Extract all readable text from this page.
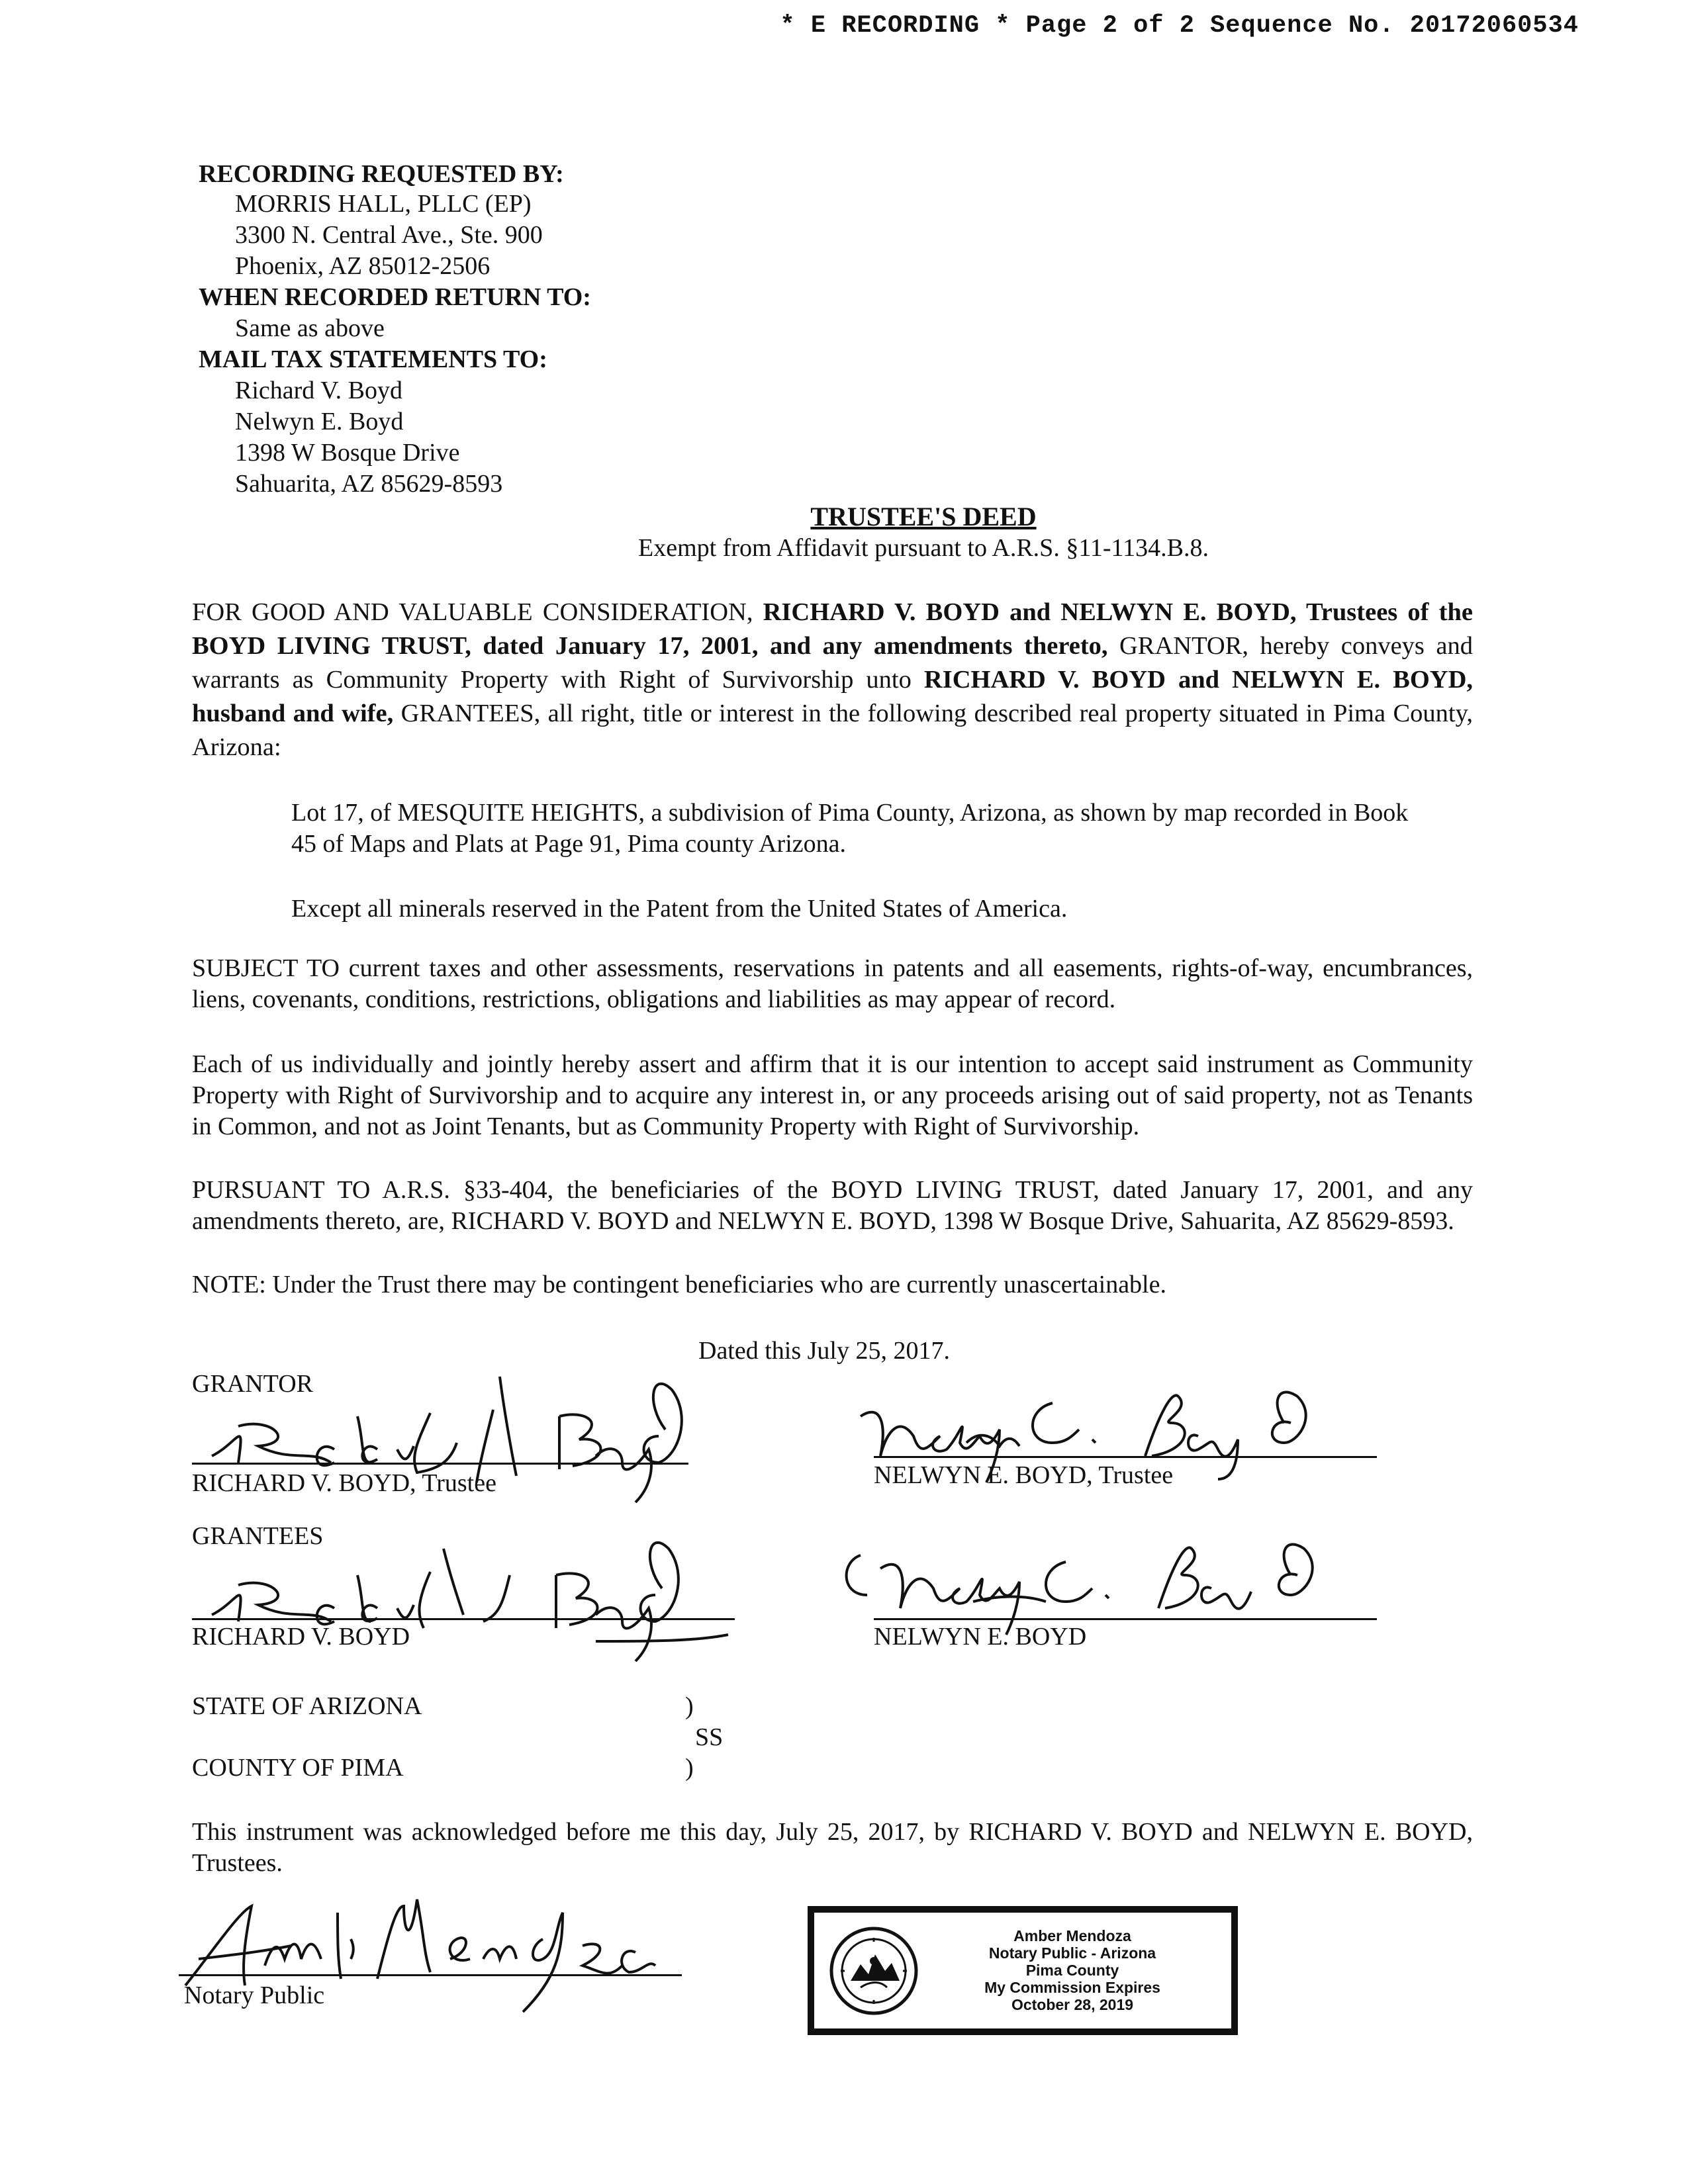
* E RECORDING * Page 2 of 2 Sequence No. 20172060534
RECORDING REQUESTED BY:
MORRIS HALL, PLLC (EP)
3300 N. Central Ave., Ste. 900
Phoenix, AZ 85012-2506
WHEN RECORDED RETURN TO:
Same as above
MAIL TAX STATEMENTS TO:
Richard V. Boyd
Nelwyn E. Boyd
1398 W Bosque Drive
Sahuarita, AZ 85629-8593
TRUSTEE'S DEED
Exempt from Affidavit pursuant to A.R.S. §11-1134.B.8.
FOR GOOD AND VALUABLE CONSIDERATION, RICHARD V. BOYD and NELWYN E. BOYD, Trustees of the BOYD LIVING TRUST, dated January 17, 2001, and any amendments thereto, GRANTOR, hereby conveys and warrants as Community Property with Right of Survivorship unto RICHARD V. BOYD and NELWYN E. BOYD, husband and wife, GRANTEES, all right, title or interest in the following described real property situated in Pima County, Arizona:
Lot 17, of MESQUITE HEIGHTS, a subdivision of Pima County, Arizona, as shown by map recorded in Book 45 of Maps and Plats at Page 91, Pima county Arizona.
Except all minerals reserved in the Patent from the United States of America.
SUBJECT TO current taxes and other assessments, reservations in patents and all easements, rights-of-way, encumbrances, liens, covenants, conditions, restrictions, obligations and liabilities as may appear of record.
Each of us individually and jointly hereby assert and affirm that it is our intention to accept said instrument as Community Property with Right of Survivorship and to acquire any interest in, or any proceeds arising out of said property, not as Tenants in Common, and not as Joint Tenants, but as Community Property with Right of Survivorship.
PURSUANT TO A.R.S. §33-404, the beneficiaries of the BOYD LIVING TRUST, dated January 17, 2001, and any amendments thereto, are, RICHARD V. BOYD and NELWYN E. BOYD, 1398 W Bosque Drive, Sahuarita, AZ 85629-8593.
NOTE: Under the Trust there may be contingent beneficiaries who are currently unascertainable.
Dated this July 25, 2017.
GRANTOR
RICHARD V. BOYD, Trustee	NELWYN E. BOYD, Trustee
GRANTEES
RICHARD V. BOYD	NELWYN E. BOYD
STATE OF ARIZONA	)
SS
COUNTY OF PIMA	)
This instrument was acknowledged before me this day, July 25, 2017, by RICHARD V. BOYD and NELWYN E. BOYD, Trustees.
Notary Public
Amber Mendoza
Notary Public - Arizona
Pima County
My Commission Expires
October 28, 2019
